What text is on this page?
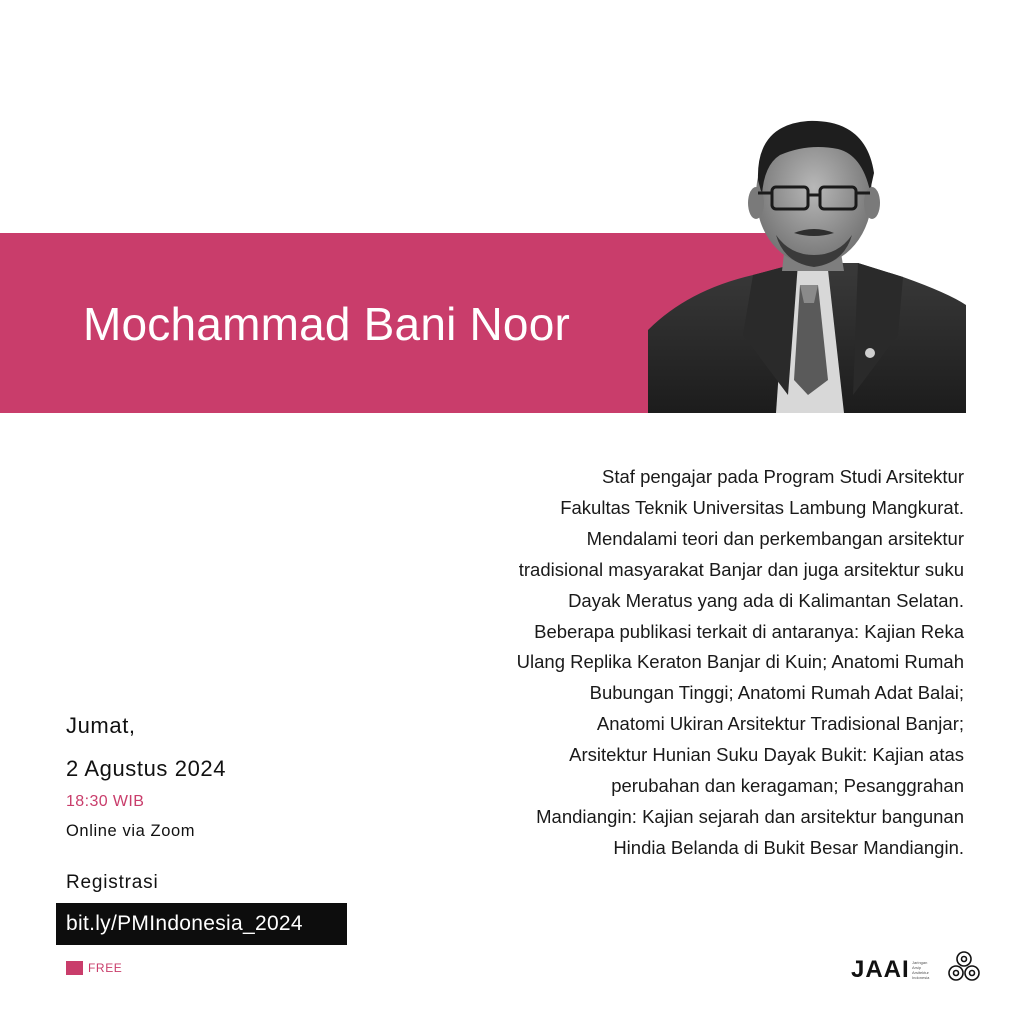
Mochammad Bani Noor
Staf pengajar pada Program Studi Arsitektur
Fakultas Teknik Universitas Lambung Mangkurat.
Mendalami teori dan perkembangan arsitektur
tradisional masyarakat Banjar dan juga arsitektur suku
Dayak Meratus yang ada di Kalimantan Selatan.
Beberapa publikasi terkait di antaranya: Kajian Reka
Ulang Replika Keraton Banjar di Kuin; Anatomi Rumah
Bubungan Tinggi; Anatomi Rumah Adat Balai;
Anatomi Ukiran Arsitektur Tradisional Banjar;
Arsitektur Hunian Suku Dayak Bukit: Kajian atas
perubahan dan keragaman; Pesanggrahan
Mandiangin: Kajian sejarah dan arsitektur bangunan
Hindia Belanda di Bukit Besar Mandiangin.
Jumat,
2 Agustus 2024
18:30 WIB
Online via Zoom
Registrasi
bit.ly/PMIndonesia_2024
FREE	JAAI Jaringan
Arsip
Arsitektur
Indonesia
